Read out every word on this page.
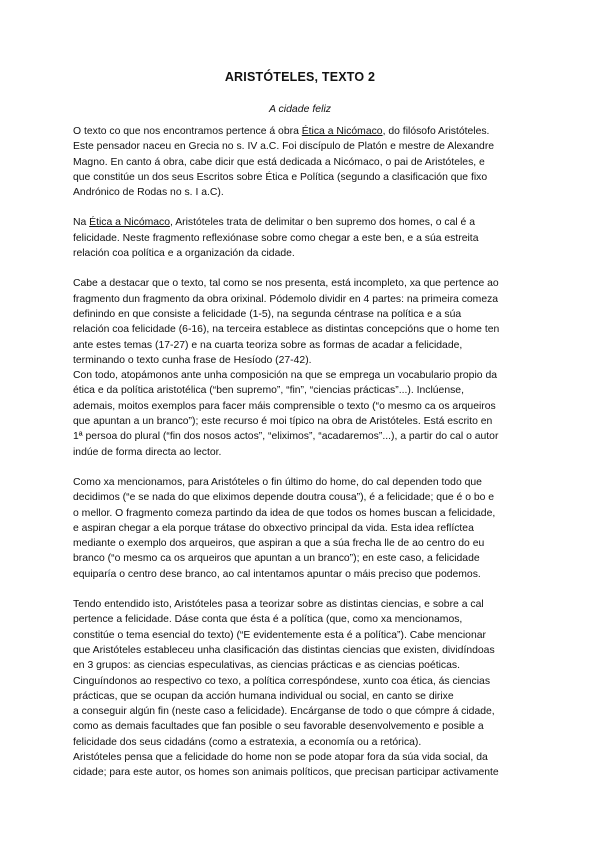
ARISTÓTELES, TEXTO 2
A cidade feliz
O texto co que nos encontramos pertence á obra Ética a Nicómaco, do filósofo Aristóteles.
Este pensador naceu en Grecia no s. IV a.C. Foi discípulo de Platón e mestre de Alexandre
Magno. En canto á obra, cabe dicir que está dedicada a Nicómaco, o pai de Aristóteles, e
que constitúe un dos seus Escritos sobre Ética e Política (segundo a clasificación que fixo
Andrónico de Rodas no s. I a.C).
Na Ética a Nicómaco, Aristóteles trata de delimitar o ben supremo dos homes, o cal é a
felicidade. Neste fragmento reflexiónase sobre como chegar a este ben, e a súa estreita
relación coa política e a organización da cidade.
Cabe a destacar que o texto, tal como se nos presenta, está incompleto, xa que pertence ao
fragmento dun fragmento da obra orixinal. Pódemolo dividir en 4 partes: na primeira comeza
definindo en que consiste a felicidade (1-5), na segunda céntrase na política e a súa
relación coa felicidade (6-16), na terceira establece as distintas concepcións que o home ten
ante estes temas (17-27) e na cuarta teoriza sobre as formas de acadar a felicidade,
terminando o texto cunha frase de Hesíodo (27-42).
Con todo, atopámonos ante unha composición na que se emprega un vocabulario propio da
ética e da política aristotélica (“ben supremo”, “fin”, “ciencias prácticas”...). Inclúense,
ademais, moitos exemplos para facer máis comprensible o texto (“o mesmo ca os arqueiros
que apuntan a un branco”); este recurso é moi típico na obra de Aristóteles. Está escrito en
1ª persoa do plural (“fin dos nosos actos”, “eliximos”, “acadaremos”...), a partir do cal o autor
indúe de forma directa ao lector.
Como xa mencionamos, para Aristóteles o fin último do home, do cal dependen todo que
decidimos (“e se nada do que eliximos depende doutra cousa”), é a felicidade; que é o bo e
o mellor. O fragmento comeza partindo da idea de que todos os homes buscan a felicidade,
e aspiran chegar a ela porque trátase do obxectivo principal da vida. Esta idea reflíctea
mediante o exemplo dos arqueiros, que aspiran a que a súa frecha lle de ao centro do eu
branco (“o mesmo ca os arqueiros que apuntan a un branco”); en este caso, a felicidade
equiparía o centro dese branco, ao cal intentamos apuntar o máis preciso que podemos.
Tendo entendido isto, Aristóteles pasa a teorizar sobre as distintas ciencias, e sobre a cal
pertence a felicidade. Dáse conta que ésta é a política (que, como xa mencionamos,
constitúe o tema esencial do texto) (“E evidentemente esta é a política”). Cabe mencionar
que Aristóteles estableceu unha clasificación das distintas ciencias que existen, dividíndoas
en 3 grupos: as ciencias especulativas, as ciencias prácticas e as ciencias poéticas.
Cinguíndonos ao respectivo co texo, a política correspóndese, xunto coa ética, ás ciencias
prácticas, que se ocupan da acción humana individual ou social, en canto se dirixe
a conseguir algún fin (neste caso a felicidade). Encárganse de todo o que cómpre á cidade,
como as demais facultades que fan posible o seu favorable desenvolvemento e posible a
felicidade dos seus cidadáns (como a estratexia, a economía ou a retórica).
Aristóteles pensa que a felicidade do home non se pode atopar fora da súa vida social, da
cidade; para este autor, os homes son animais políticos, que precisan participar activamente
